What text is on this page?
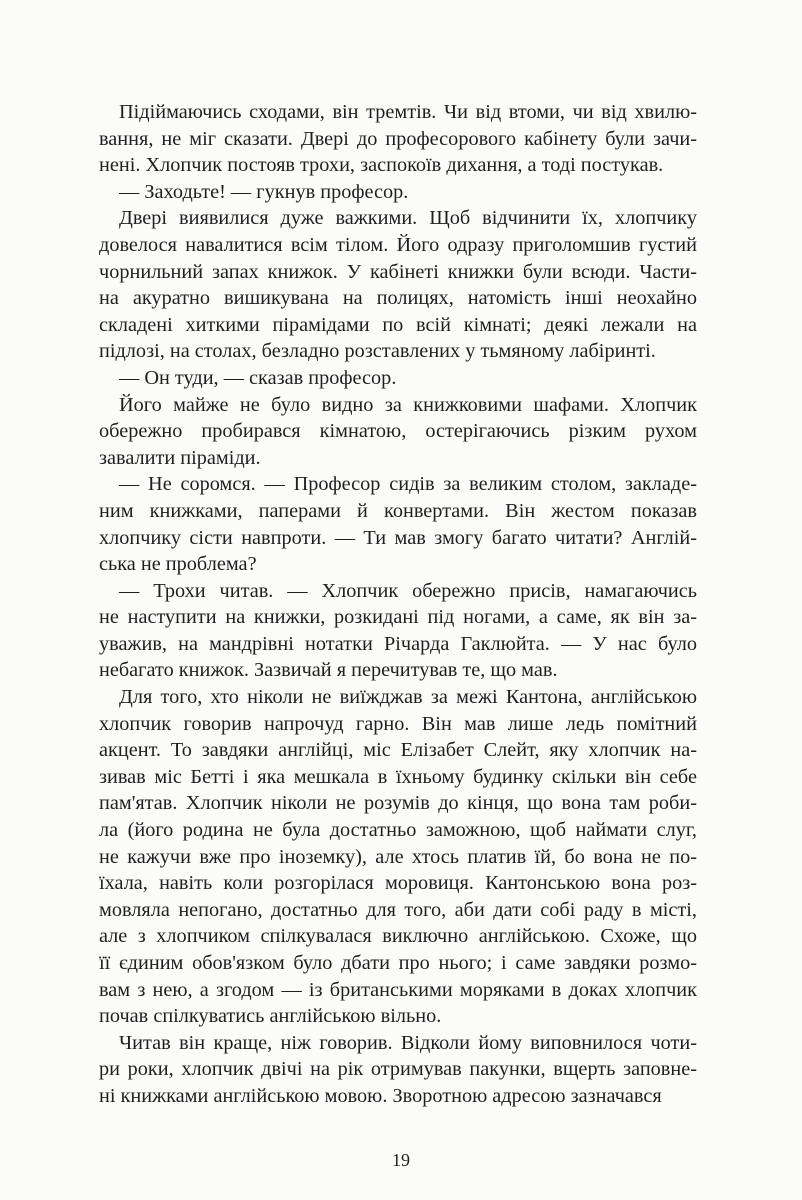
Підіймаючись сходами, він тремтів. Чи від втоми, чи від хвилю-
вання, не міг сказати. Двері до професорового кабінету були зачи-
нені. Хлопчик постояв трохи, заспокоїв дихання, а тоді постукав.

— Заходьте! — гукнув професор.

Двері виявилися дуже важкими. Щоб відчинити їх, хлопчику
довелося навалитися всім тілом. Його одразу приголомшив густий
чорнильний запах книжок. У кабінеті книжки були всюди. Части-
на акуратно вишикувана на полицях, натомість інші неохайно
складені хиткими пірамідами по всій кімнаті; деякі лежали на
підлозі, на столах, безладно розставлених у тьмяному лабіринті.

— Он туди, — сказав професор.

Його майже не було видно за книжковими шафами. Хлопчик
обережно пробирався кімнатою, остерігаючись різким рухом
завалити піраміди.

— Не соромся. — Професор сидів за великим столом, закладе-
ним книжками, паперами й конвертами. Він жестом показав
хлопчику сісти навпроти. — Ти мав змогу багато читати? Англій-
ська не проблема?

— Трохи читав. — Хлопчик обережно присів, намагаючись
не наступити на книжки, розкидані під ногами, а саме, як він за-
уважив, на мандрівні нотатки Річарда Гаклюйта. — У нас було
небагато книжок. Зазвичай я перечитував те, що мав.

Для того, хто ніколи не виїжджав за межі Кантона, англійською
хлопчик говорив напрочуд гарно. Він мав лише ледь помітний
акцент. То завдяки англійці, міс Елізабет Слейт, яку хлопчик на-
зивав міс Бетті і яка мешкала в їхньому будинку скільки він себе
пам'ятав. Хлопчик ніколи не розумів до кінця, що вона там роби-
ла (його родина не була достатньо заможною, щоб наймати слуг,
не кажучи вже про іноземку), але хтось платив їй, бо вона не по-
їхала, навіть коли розгорілася моровиця. Кантонською вона роз-
мовляла непогано, достатньо для того, аби дати собі раду в місті,
але з хлопчиком спілкувалася виключно англійською. Схоже, що
її єдиним обов'язком було дбати про нього; і саме завдяки розмо-
вам з нею, а згодом — із британськими моряками в доках хлопчик
почав спілкуватись англійською вільно.

Читав він краще, ніж говорив. Відколи йому виповнилося чоти-
ри роки, хлопчик двічі на рік отримував пакунки, вщерть заповне-
ні книжками англійською мовою. Зворотною адресою зазначався

19
